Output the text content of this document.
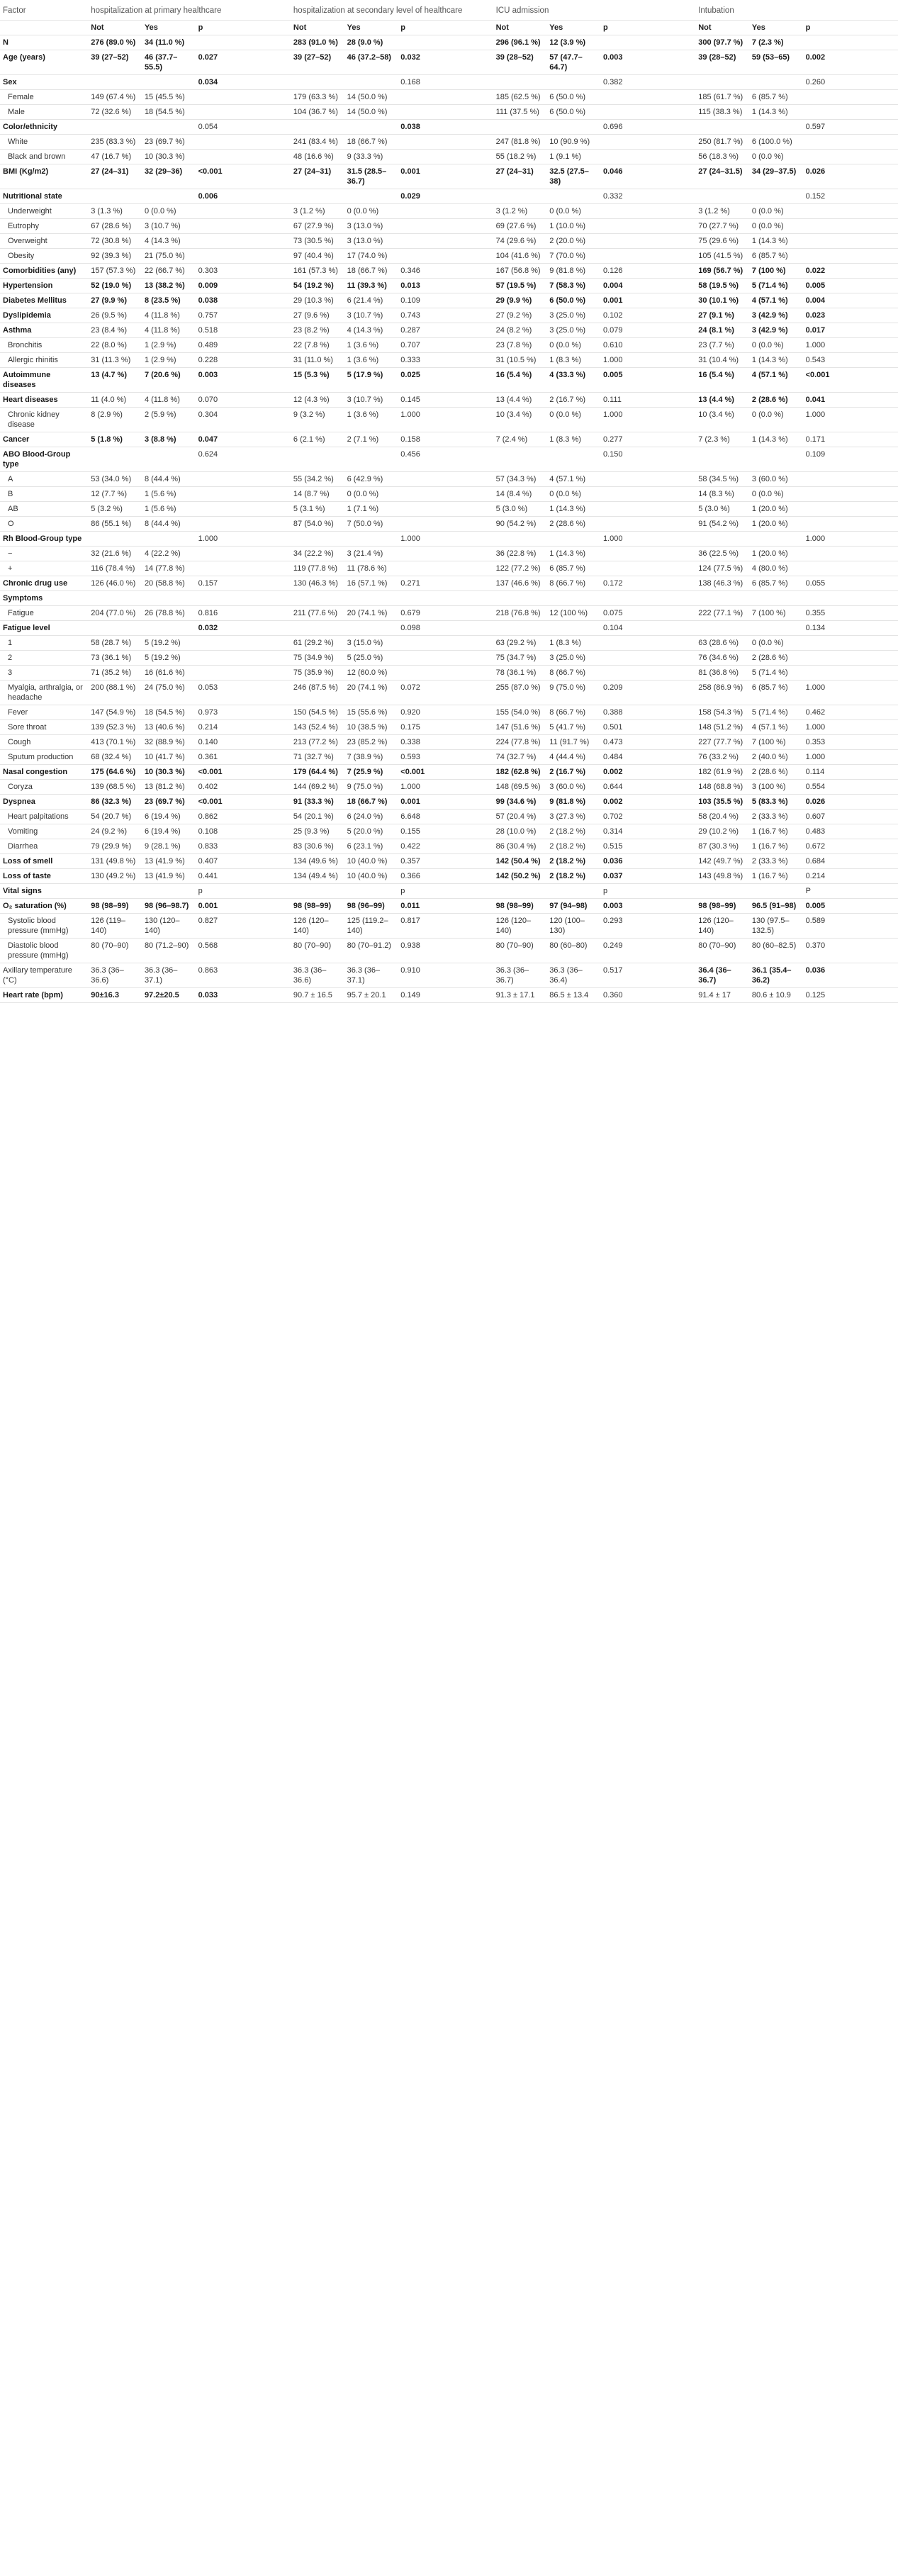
Factor	hospitalization at primary healthcare			hospitalization at secondary level of healthcare			ICU admission			Intubation		
	Not	Yes	p	Not	Yes	p	Not	Yes	p	Not	Yes	p
N	276 (89.0 %)	34 (11.0 %)		283 (91.0 %)	28 (9.0 %)		296 (96.1 %)	12 (3.9 %)		300 (97.7 %)	7 (2.3 %)	
Age (years)	39 (27–52)	46 (37.7–55.5)	0.027	39 (27–52)	46 (37.2–58)	0.032	39 (28–52)	57 (47.7–64.7)	0.003	39 (28–52)	59 (53–65)	0.002
Sex			0.034			0.168			0.382			0.260
Female	149 (67.4 %)	15 (45.5 %)		179 (63.3 %)	14 (50.0 %)		185 (62.5 %)	6 (50.0 %)		185 (61.7 %)	6 (85.7 %)	
Male	72 (32.6 %)	18 (54.5 %)		104 (36.7 %)	14 (50.0 %)		111 (37.5 %)	6 (50.0 %)		115 (38.3 %)	1 (14.3 %)	
Color/ethnicity			0.054			0.038			0.696			0.597
White	235 (83.3 %)	23 (69.7 %)		241 (83.4 %)	18 (66.7 %)		247 (81.8 %)	10 (90.9 %)		250 (81.7 %)	6 (100.0 %)	
Black and brown	47 (16.7 %)	10 (30.3 %)		48 (16.6 %)	9 (33.3 %)		55 (18.2 %)	1 (9.1 %)		56 (18.3 %)	0 (0.0 %)	
BMI (Kg/m2)	27 (24–31)	32 (29–36)	<0.001	27 (24–31)	31.5 (28.5–36.7)	0.001	27 (24–31)	32.5 (27.5–38)	0.046	27 (24–31.5)	34 (29–37.5)	0.026
Nutritional state			0.006			0.029			0.332			0.152
Underweight	3 (1.3 %)	0 (0.0 %)		3 (1.2 %)	0 (0.0 %)		3 (1.2 %)	0 (0.0 %)		3 (1.2 %)	0 (0.0 %)	
Eutrophy	67 (28.6 %)	3 (10.7 %)		67 (27.9 %)	3 (13.0 %)		69 (27.6 %)	1 (10.0 %)		70 (27.7 %)	0 (0.0 %)	
Overweight	72 (30.8 %)	4 (14.3 %)		73 (30.5 %)	3 (13.0 %)		74 (29.6 %)	2 (20.0 %)		75 (29.6 %)	1 (14.3 %)	
Obesity	92 (39.3 %)	21 (75.0 %)		97 (40.4 %)	17 (74.0 %)		104 (41.6 %)	7 (70.0 %)		105 (41.5 %)	6 (85.7 %)	
Comorbidities (any)	157 (57.3 %)	22 (66.7 %)	0.303	161 (57.3 %)	18 (66.7 %)	0.346	167 (56.8 %)	9 (81.8 %)	0.126	169 (56.7 %)	7 (100 %)	0.022
Hypertension	52 (19.0 %)	13 (38.2 %)	0.009	54 (19.2 %)	11 (39.3 %)	0.013	57 (19.5 %)	7 (58.3 %)	0.004	58 (19.5 %)	5 (71.4 %)	0.005
Diabetes Mellitus	27 (9.9 %)	8 (23.5 %)	0.038	29 (10.3 %)	6 (21.4 %)	0.109	29 (9.9 %)	6 (50.0 %)	0.001	30 (10.1 %)	4 (57.1 %)	0.004
Dyslipidemia	26 (9.5 %)	4 (11.8 %)	0.757	27 (9.6 %)	3 (10.7 %)	0.743	27 (9.2 %)	3 (25.0 %)	0.102	27 (9.1 %)	3 (42.9 %)	0.023
Asthma	23 (8.4 %)	4 (11.8 %)	0.518	23 (8.2 %)	4 (14.3 %)	0.287	24 (8.2 %)	3 (25.0 %)	0.079	24 (8.1 %)	3 (42.9 %)	0.017
Bronchitis	22 (8.0 %)	1 (2.9 %)	0.489	22 (7.8 %)	1 (3.6 %)	0.707	23 (7.8 %)	0 (0.0 %)	0.610	23 (7.7 %)	0 (0.0 %)	1.000
Allergic rhinitis	31 (11.3 %)	1 (2.9 %)	0.228	31 (11.0 %)	1 (3.6 %)	0.333	31 (10.5 %)	1 (8.3 %)	1.000	31 (10.4 %)	1 (14.3 %)	0.543
Autoimmune diseases	13 (4.7 %)	7 (20.6 %)	0.003	15 (5.3 %)	5 (17.9 %)	0.025	16 (5.4 %)	4 (33.3 %)	0.005	16 (5.4 %)	4 (57.1 %)	<0.001
Heart diseases	11 (4.0 %)	4 (11.8 %)	0.070	12 (4.3 %)	3 (10.7 %)	0.145	13 (4.4 %)	2 (16.7 %)	0.111	13 (4.4 %)	2 (28.6 %)	0.041
Chronic kidney disease	8 (2.9 %)	2 (5.9 %)	0.304	9 (3.2 %)	1 (3.6 %)	1.000	10 (3.4 %)	0 (0.0 %)	1.000	10 (3.4 %)	0 (0.0 %)	1.000
Cancer	5 (1.8 %)	3 (8.8 %)	0.047	6 (2.1 %)	2 (7.1 %)	0.158	7 (2.4 %)	1 (8.3 %)	0.277	7 (2.3 %)	1 (14.3 %)	0.171
ABO Blood-Group type			0.624			0.456			0.150			0.109
A	53 (34.0 %)	8 (44.4 %)		55 (34.2 %)	6 (42.9 %)		57 (34.3 %)	4 (57.1 %)		58 (34.5 %)	3 (60.0 %)	
B	12 (7.7 %)	1 (5.6 %)		14 (8.7 %)	0 (0.0 %)		14 (8.4 %)	0 (0.0 %)		14 (8.3 %)	0 (0.0 %)	
AB	5 (3.2 %)	1 (5.6 %)		5 (3.1 %)	1 (7.1 %)		5 (3.0 %)	1 (14.3 %)		5 (3.0 %)	1 (20.0 %)	
O	86 (55.1 %)	8 (44.4 %)		87 (54.0 %)	7 (50.0 %)		90 (54.2 %)	2 (28.6 %)		91 (54.2 %)	1 (20.0 %)	
Rh Blood-Group type			1.000			1.000			1.000			1.000
−	32 (21.6 %)	4 (22.2 %)		34 (22.2 %)	3 (21.4 %)		36 (22.8 %)	1 (14.3 %)		36 (22.5 %)	1 (20.0 %)	
+	116 (78.4 %)	14 (77.8 %)		119 (77.8 %)	11 (78.6 %)		122 (77.2 %)	6 (85.7 %)		124 (77.5 %)	4 (80.0 %)	
Chronic drug use	126 (46.0 %)	20 (58.8 %)	0.157	130 (46.3 %)	16 (57.1 %)	0.271	137 (46.6 %)	8 (66.7 %)	0.172	138 (46.3 %)	6 (85.7 %)	0.055
Symptoms												
Fatigue	204 (77.0 %)	26 (78.8 %)	0.816	211 (77.6 %)	20 (74.1 %)	0.679	218 (76.8 %)	12 (100 %)	0.075	222 (77.1 %)	7 (100 %)	0.355
Fatigue level			0.032			0.098			0.104			0.134
1	58 (28.7 %)	5 (19.2 %)		61 (29.2 %)	3 (15.0 %)		63 (29.2 %)	1 (8.3 %)		63 (28.6 %)	0 (0.0 %)	
2	73 (36.1 %)	5 (19.2 %)		75 (34.9 %)	5 (25.0 %)		75 (34.7 %)	3 (25.0 %)		76 (34.6 %)	2 (28.6 %)	
3	71 (35.2 %)	16 (61.6 %)		75 (35.9 %)	12 (60.0 %)		78 (36.1 %)	8 (66.7 %)		81 (36.8 %)	5 (71.4 %)	
Myalgia, arthralgia, or headache	200 (88.1 %)	24 (75.0 %)	0.053	246 (87.5 %)	20 (74.1 %)	0.072	255 (87.0 %)	9 (75.0 %)	0.209	258 (86.9 %)	6 (85.7 %)	1.000
Fever	147 (54.9 %)	18 (54.5 %)	0.973	150 (54.5 %)	15 (55.6 %)	0.920	155 (54.0 %)	8 (66.7 %)	0.388	158 (54.3 %)	5 (71.4 %)	0.462
Sore throat	139 (52.3 %)	13 (40.6 %)	0.214	143 (52.4 %)	10 (38.5 %)	0.175	147 (51.6 %)	5 (41.7 %)	0.501	148 (51.2 %)	4 (57.1 %)	1.000
Cough	413 (70.1 %)	32 (88.9 %)	0.140	213 (77.2 %)	23 (85.2 %)	0.338	224 (77.8 %)	11 (91.7 %)	0.473	227 (77.7 %)	7 (100 %)	0.353
Sputum production	68 (32.4 %)	10 (41.7 %)	0.361	71 (32.7 %)	7 (38.9 %)	0.593	74 (32.7 %)	4 (44.4 %)	0.484	76 (33.2 %)	2 (40.0 %)	1.000
Nasal congestion	175 (64.6 %)	10 (30.3 %)	<0.001	179 (64.4 %)	7 (25.9 %)	<0.001	182 (62.8 %)	2 (16.7 %)	0.002	182 (61.9 %)	2 (28.6 %)	0.114
Coryza	139 (68.5 %)	13 (81.2 %)	0.402	144 (69.2 %)	9 (75.0 %)	1.000	148 (69.5 %)	3 (60.0 %)	0.644	148 (68.8 %)	3 (100 %)	0.554
Dyspnea	86 (32.3 %)	23 (69.7 %)	<0.001	91 (33.3 %)	18 (66.7 %)	0.001	99 (34.6 %)	9 (81.8 %)	0.002	103 (35.5 %)	5 (83.3 %)	0.026
Heart palpitations	54 (20.7 %)	6 (19.4 %)	0.862	54 (20.1 %)	6 (24.0 %)	6.648	57 (20.4 %)	3 (27.3 %)	0.702	58 (20.4 %)	2 (33.3 %)	0.607
Vomiting	24 (9.2 %)	6 (19.4 %)	0.108	25 (9.3 %)	5 (20.0 %)	0.155	28 (10.0 %)	2 (18.2 %)	0.314	29 (10.2 %)	1 (16.7 %)	0.483
Diarrhea	79 (29.9 %)	9 (28.1 %)	0.833	83 (30.6 %)	6 (23.1 %)	0.422	86 (30.4 %)	2 (18.2 %)	0.515	87 (30.3 %)	1 (16.7 %)	0.672
Loss of smell	131 (49.8 %)	13 (41.9 %)	0.407	134 (49.6 %)	10 (40.0 %)	0.357	142 (50.4 %)	2 (18.2 %)	0.036	142 (49.7 %)	2 (33.3 %)	0.684
Loss of taste	130 (49.2 %)	13 (41.9 %)	0.441	134 (49.4 %)	10 (40.0 %)	0.366	142 (50.2 %)	2 (18.2 %)	0.037	143 (49.8 %)	1 (16.7 %)	0.214
Vital signs			p			p			p			P
O₂ saturation (%)	98 (98–99)	98 (96–98.7)	0.001	98 (98–99)	98 (96–99)	0.011	98 (98–99)	97 (94–98)	0.003	98 (98–99)	96.5 (91–98)	0.005
Systolic blood pressure (mmHg)	126 (119–140)	130 (120–140)	0.827	126 (120–140)	125 (119.2–140)	0.817	126 (120–140)	120 (100–130)	0.293	126 (120–140)	130 (97.5–132.5)	0.589
Diastolic blood pressure (mmHg)	80 (70–90)	80 (71.2–90)	0.568	80 (70–90)	80 (70–91.2)	0.938	80 (70–90)	80 (60–80)	0.249	80 (70–90)	80 (60–82.5)	0.370
Axillary temperature (°C)	36.3 (36–36.6)	36.3 (36–37.1)	0.863	36.3 (36–36.6)	36.3 (36–37.1)	0.910	36.3 (36–36.7)	36.3 (36–36.4)	0.517	36.4 (36–36.7)	36.1 (35.4–36.2)	0.036
Heart rate (bpm)	90±16.3	97.2±20.5	0.033	90.7 ± 16.5	95.7 ± 20.1	0.149	91.3 ± 17.1	86.5 ± 13.4	0.360	91.4 ± 17	80.6 ± 10.9	0.125
